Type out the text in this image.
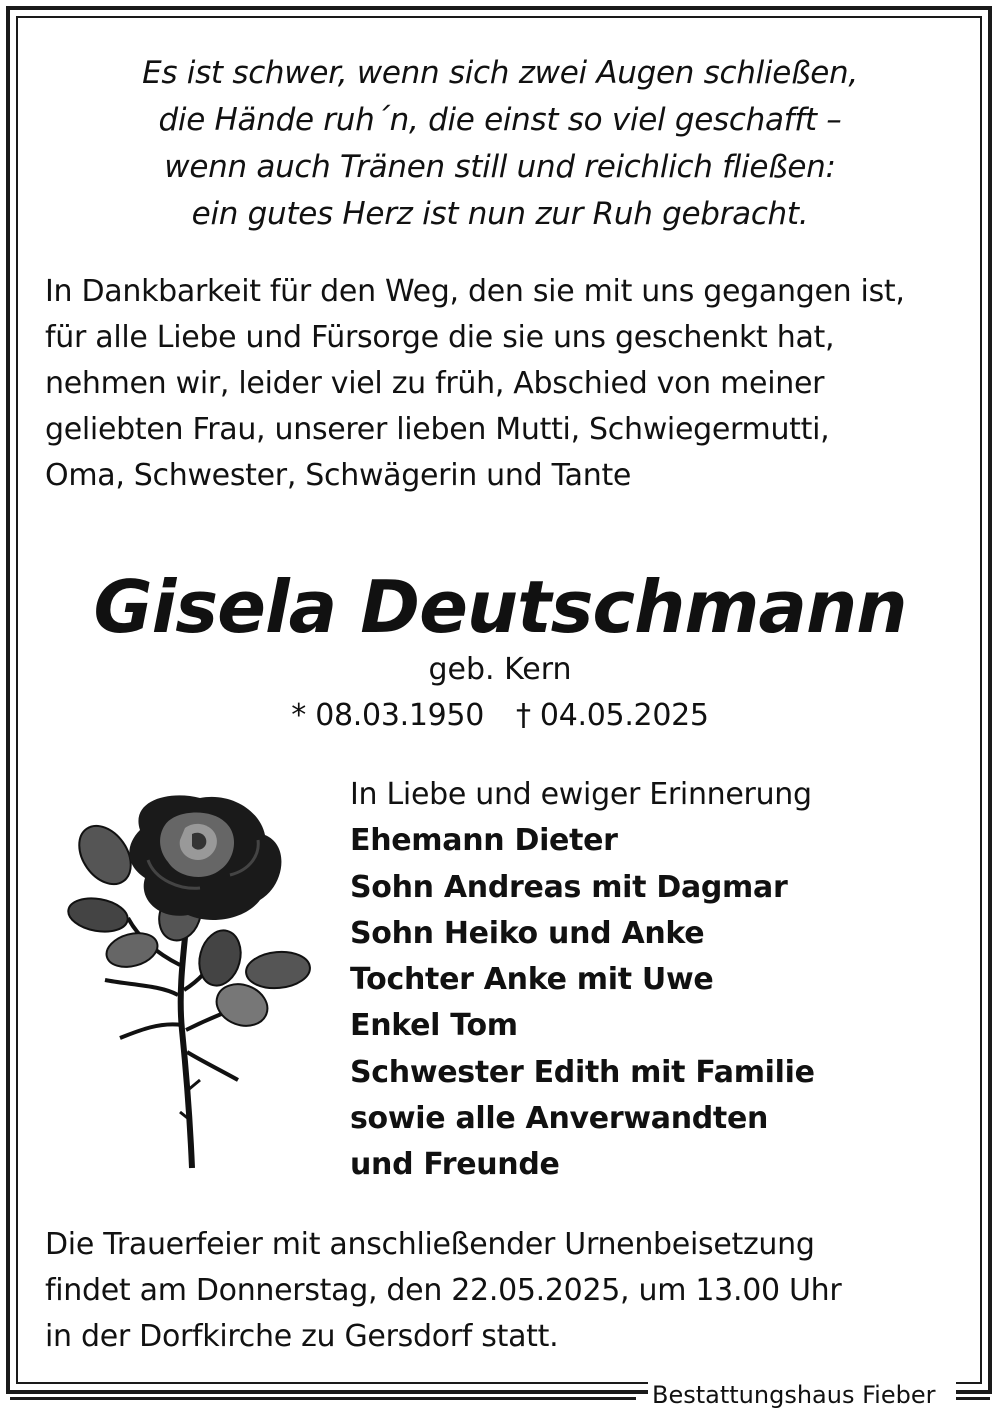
Es ist schwer, wenn sich zwei Augen schließen,
die Hände ruh´n, die einst so viel geschafft –
wenn auch Tränen still und reichlich fließen:
ein gutes Herz ist nun zur Ruh gebracht.
In Dankbarkeit für den Weg, den sie mit uns gegangen ist,
für alle Liebe und Fürsorge die sie uns geschenkt hat,
nehmen wir, leider viel zu früh, Abschied von meiner
geliebten Frau, unserer lieben Mutti, Schwiegermutti,
Oma, Schwester, Schwägerin und Tante
Gisela Deutschmann
geb. Kern
* 08.03.1950 † 04.05.2025
In Liebe und ewiger Erinnerung
Ehemann Dieter
Sohn Andreas mit Dagmar
Sohn Heiko und Anke
Tochter Anke mit Uwe
Enkel Tom
Schwester Edith mit Familie
sowie alle Anverwandten
und Freunde
Die Trauerfeier mit anschließender Urnenbeisetzung
findet am Donnerstag, den 22.05.2025, um 13.00 Uhr
in der Dorfkirche zu Gersdorf statt.
Bestattungshaus Fieber
